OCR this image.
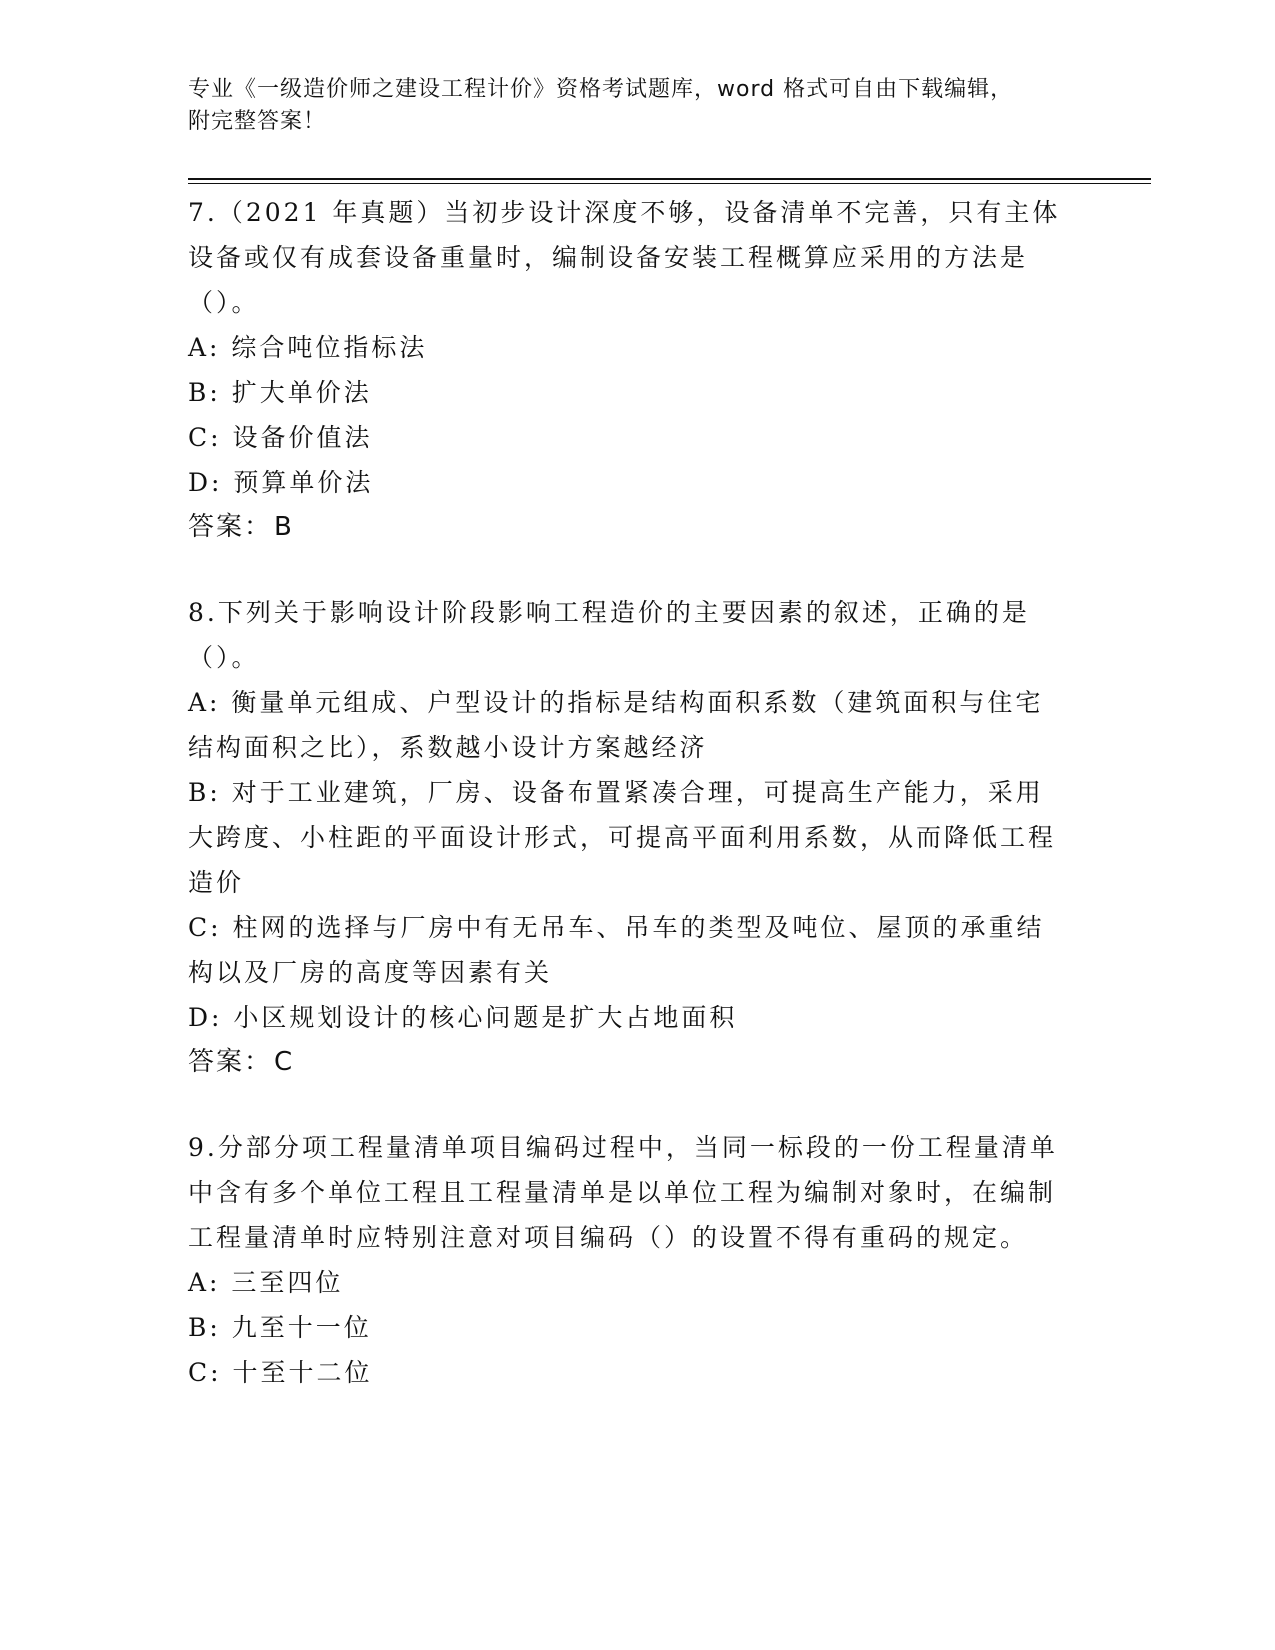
专业《一级造价师之建设工程计价》资格考试题库，word 格式可自由下载编辑，
附完整答案！

7.（2021 年真题）当初步设计深度不够，设备清单不完善，只有主体设备或仅有成套设备重量时，编制设备安装工程概算应采用的方法是（）。

A: 综合吨位指标法

B: 扩大单价法

C: 设备价值法

D: 预算单价法

答案：B

8.下列关于影响设计阶段影响工程造价的主要因素的叙述，正确的是（）。

A: 衡量单元组成、户型设计的指标是结构面积系数（建筑面积与住宅结构面积之比），系数越小设计方案越经济

B: 对于工业建筑，厂房、设备布置紧凑合理，可提高生产能力，采用大跨度、小柱距的平面设计形式，可提高平面利用系数，从而降低工程造价

C: 柱网的选择与厂房中有无吊车、吊车的类型及吨位、屋顶的承重结构以及厂房的高度等因素有关

D: 小区规划设计的核心问题是扩大占地面积

答案：C

9.分部分项工程量清单项目编码过程中，当同一标段的一份工程量清单中含有多个单位工程且工程量清单是以单位工程为编制对象时，在编制工程量清单时应特别注意对项目编码（）的设置不得有重码的规定。

A: 三至四位

B: 九至十一位

C: 十至十二位
